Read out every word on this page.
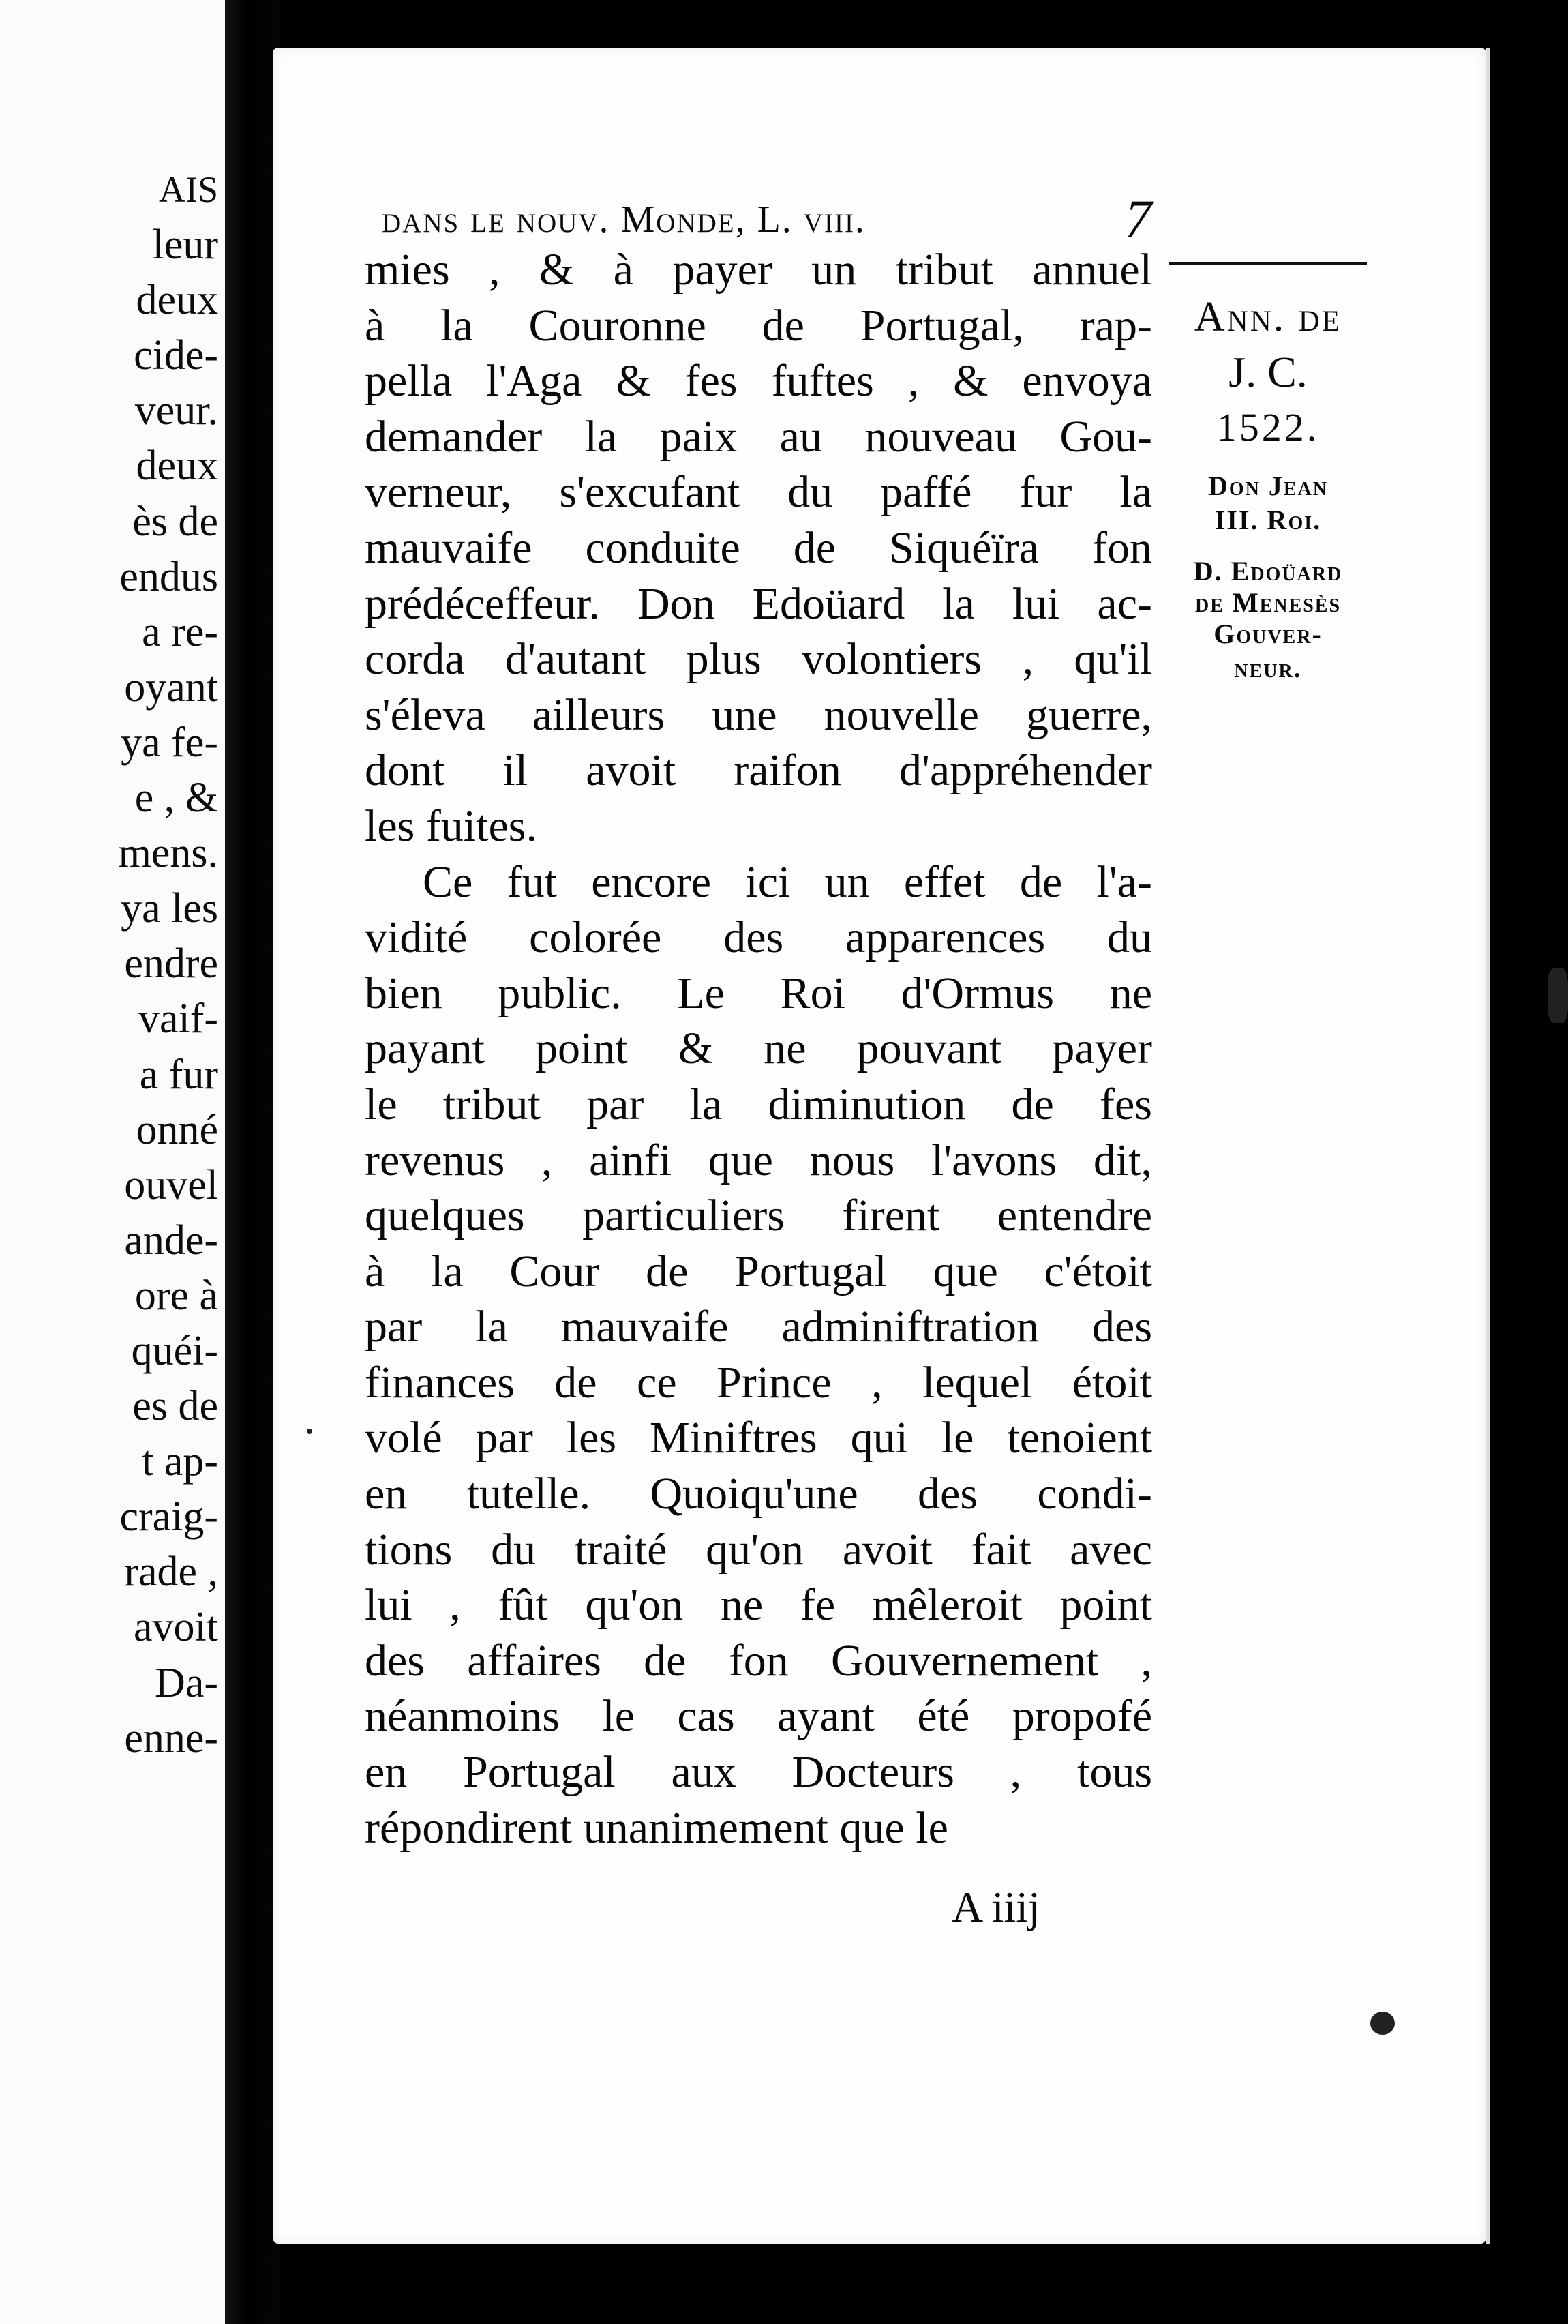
AIS
leur
deux
cide-
veur.
deux
ès de
endus
a re-
oyant
ya fe-
e , &
mens.
ya les
endre
vaif-
a fur
onné
ouvel
ande-
ore à
quéi-
es de
t ap-
craig-
rade ,
avoit
Da-
enne-
dans le nouv. Monde, L. viii.	7
mies , & à payer un tribut annuel
à la Couronne de Portugal, rap-
pella l'Aga & fes fuftes , & envoya
demander la paix au nouveau Gou-
verneur, s'excufant du paffé fur la
mauvaife conduite de Siquéïra fon
prédéceffeur. Don Edoüard la lui ac-
corda d'autant plus volontiers , qu'il
s'éleva ailleurs une nouvelle guerre,
dont il avoit raifon d'appréhender
les fuites.
Ce fut encore ici un effet de l'a-
vidité colorée des apparences du
bien public. Le Roi d'Ormus ne
payant point & ne pouvant payer
le tribut par la diminution de fes
revenus , ainfi que nous l'avons dit,
quelques particuliers firent entendre
à la Cour de Portugal que c'étoit
par la mauvaife adminiftration des
finances de ce Prince , lequel étoit
volé par les Miniftres qui le tenoient
en tutelle. Quoiqu'une des condi-
tions du traité qu'on avoit fait avec
lui , fût qu'on ne fe mêleroit point
des affaires de fon Gouvernement ,
néanmoins le cas ayant été propofé
en Portugal aux Docteurs , tous
répondirent unanimement que le
Ann. de
J. C.
1522.
Don Jean
III. Roi.
D. Edoüard
de Menesès
Gouver-
neur.
A iiij
